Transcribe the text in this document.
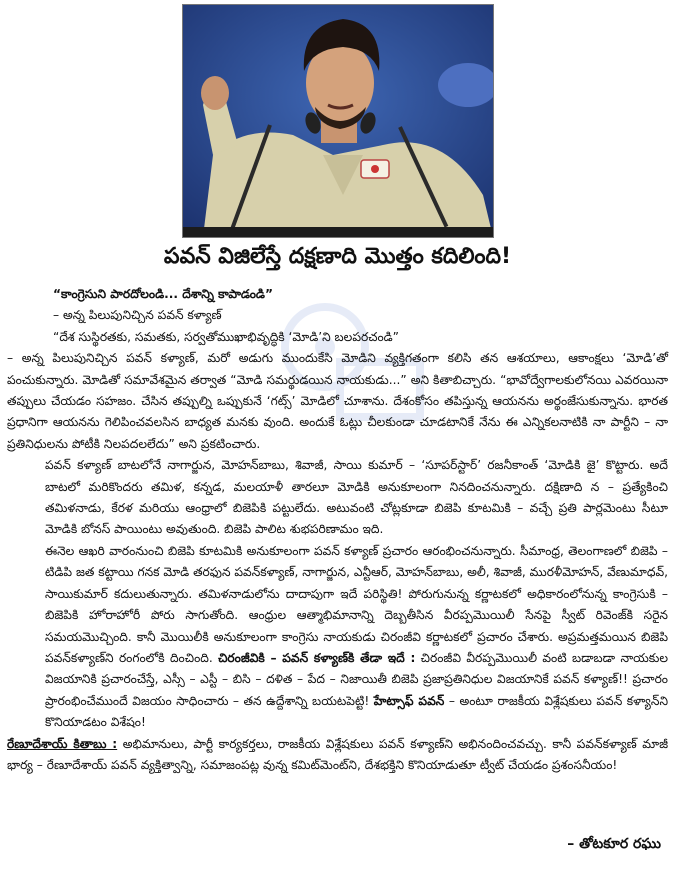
పవన్ విజిలేస్తే దక్షణాది మొత్తం కదిలింది!

“కాంగ్రెసుని పారదోలండి... దేశాన్ని కాపాడండి”

– అన్న పిలుపునిచ్చిన పవన్ కళ్యాణ్

“దేశ సుస్థిరతకు, సమతకు, సర్వతోముఖాభివృద్ధికి ‘మోడి’ని బలపరచండి”

– అన్న పిలుపునిచ్చిన పవన్ కళ్యాణ్, మరో అడుగు ముందుకేసి మోడిని వ్యక్తిగతంగా కలిసి తన ఆశయాలు, ఆకాంక్షలు ‘మోడి’తో పంచుకున్నారు. మోడితో సమావేశమైన తర్వాత “మోడి సమర్థుడయిన నాయకుడు...” అని కితాబిచ్చారు. “భావోద్వేగాలకులోనయి ఎవరయినా తప్పులు చేయడం సహజం. చేసిన తప్పుల్ని ఒప్పుకునే ‘గట్స్’ మోడిలో చూశాను. దేశంకోసం తపిస్తున్న ఆయనను అర్థంజేసుకున్నాను. భారత ప్రధానిగా ఆయనను గెలిపించవలసిన బాధ్యత మనకు వుంది. అందుకే ఓట్లు చీలకుండా చూడటానికే నేను ఈ ఎన్నికలనాటికి నా పార్టీని – నా ప్రతినిధులను పోటీకి నిలపదలలేదు” అని ప్రకటించారు.

పవన్ కళ్యాణ్ బాటలోనే నాగార్జున, మోహన్‌బాబు, శివాజీ, సాయి కుమార్ – ‘సూపర్‌స్టార్’ రజనీకాంత్ ‘మోడికి జై’ కొట్టారు. అదే బాటలో మరికొందరు తమిళ, కన్నడ, మలయాళీ తారలూ మోడికి అనుకూలంగా నినదించనున్నారు. దక్షిణాది న – ప్రత్యేకించి తమిళనాడు, కేరళ మరియు ఆంధ్రాలో బిజెపికి పట్టులేదు. అటువంటి చోట్లకూడా బిజెపి కూటమికి – వచ్చే ప్రతి పార్లమెంటు సీటూ మోడికి బోనస్ పాయింటు అవుతుంది. బిజెపి పాలిట శుభపరిణామం ఇది.

ఈనెల ఆఖరి వారంనుంచి బిజెపి కూటమికి అనుకూలంగా పవన్ కళ్యాణ్ ప్రచారం ఆరంభించనున్నారు. సీమాంధ్ర, తెలంగాణలో బిజెపి – టిడిపి జత కట్టాయి గనక మోడి తరఫున పవన్‌కళ్యాణ్, నాగార్జున, ఎన్టీఆర్, మోహన్‌బాబు, అలీ, శివాజీ, మురళీమోహన్, వేణుమాధవ్, సాయికుమార్ కదులుతున్నారు. తమిళనాడులోను దాదాపుగా ఇదే పరిస్థితి! పోరుగునున్న కర్ణాటకలో అధికారంలోనున్న కాంగ్రెసుకి – బిజెపికి హోరాహోరీ పోరు సాగుతోంది. ఆంధ్రుల ఆత్మాభిమానాన్ని దెబ్బతీసిన వీరప్పమొయిలీ సేనపై స్వీట్ రివెంజ్‌కి సరైన సమయమొచ్చింది. కానీ మొయిలీకి అనుకూలంగా కాంగ్రెసు నాయకుడు చిరంజీవి కర్ణాటకలో ప్రచారం చేశారు. అప్రమత్తమయిన బిజెపి పవన్‌కళ్యాణ్‌ని రంగంలోకి దించింది. చిరంజీవికి – పవన్ కళ్యాణ్‌కి తేడా ఇదే : చిరంజీవి వీరప్పమొయిలీ వంటి బడాబడా నాయకుల విజయానికి ప్రచారంచేస్తే, ఎస్సీ – ఎస్టీ – బిసి – దళిత – పేద – నిజాయితీ బిజెపి ప్రజాప్రతినిధుల విజయానికే పవన్ కళ్యాణ్!! ప్రచారం ప్రారంభించేముందే విజయం సాధించారు – తన ఉద్దేశాన్ని బయటపెట్టి! హేట్సాఫ్ పవన్ – అంటూ రాజకీయ విశ్లేషకులు పవన్ కళ్యాన్‌ని కొనియాడటం విశేషం!

రేణూదేశాయ్ కితాబు : అభిమానులు, పార్టీ కార్యకర్తలు, రాజకీయ విశ్లేషకులు పవన్ కళ్యాణ్‌ని అభినందించవచ్చు. కానీ పవన్‌కళ్యాణ్ మాజీ భార్య – రేణూదేశాయ్ పవన్ వ్యక్తిత్వాన్ని, సమాజంపట్ల వున్న కమిట్‌మెంట్‌ని, దేశభక్తిని కొనియాడుతూ ట్వీట్ చేయడం ప్రశంసనీయం!

– తోటకూర రఘు
